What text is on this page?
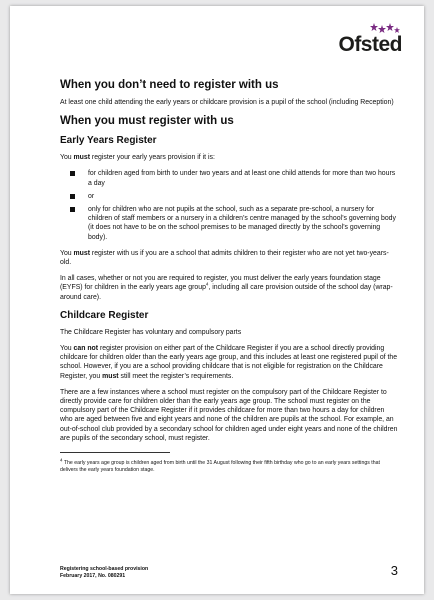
Ofsted
When you don’t need to register with us

At least one child attending the early years or childcare provision is a pupil of the school (including Reception)

When you must register with us
Early Years Register

You must register your early years provision if it is:

for children aged from birth to under two years and at least one child attends for more than two hours a day
or
only for children who are not pupils at the school, such as a separate pre-school, a nursery for children of staff members or a nursery in a children’s centre managed by the school’s governing body (it does not have to be on the school premises to be managed directly by the school’s governing body).

You must register with us if you are a school that admits children to their register who are not yet two-years-old.

In all cases, whether or not you are required to register, you must deliver the early years foundation stage (EYFS) for children in the early years age group$^4$, including all care provision outside of the school day (wrap-around care).

Childcare Register

The Childcare Register has voluntary and compulsory parts

You can not register provision on either part of the Childcare Register if you are a school directly providing childcare for children older than the early years age group, and this includes at least one registered pupil of the school. However, if you are a school providing childcare that is not eligible for registration on the Childcare Register, you must still meet the register’s requirements.

There are a few instances where a school must register on the compulsory part of the Childcare Register to directly provide care for children older than the early years age group. The school must register on the compulsory part of the Childcare Register if it provides childcare for more than two hours a day for children who are aged between five and eight years and none of the children are pupils at the school. For example, an out-of-school club provided by a secondary school for children aged under eight years and none of the children are pupils of the secondary school, must register.

$^4$ The early years age group is children aged from birth until the 31 August following their fifth birthday who go to an early years settings that delivers the early years foundation stage.

Registering school-based provision
February 2017, No. 080291	3
